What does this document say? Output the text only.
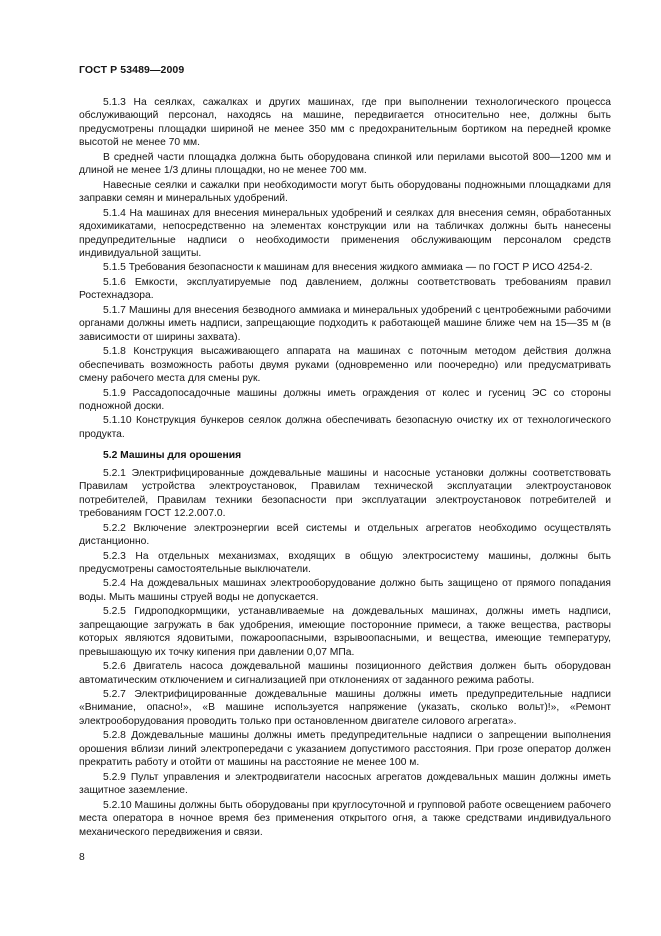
ГОСТ Р 53489—2009

5.1.3 На сеялках, сажалках и других машинах, где при выполнении технологического процесса обслуживающий персонал, находясь на машине, передвигается относительно нее, должны быть предусмотрены площадки шириной не менее 350 мм с предохранительным бортиком на передней кромке высотой не менее 70 мм.

В средней части площадка должна быть оборудована спинкой или перилами высотой 800—1200 мм и длиной не менее 1/3 длины площадки, но не менее 700 мм.

Навесные сеялки и сажалки при необходимости могут быть оборудованы подножными площадками для заправки семян и минеральных удобрений.

5.1.4 На машинах для внесения минеральных удобрений и сеялках для внесения семян, обработанных ядохимикатами, непосредственно на элементах конструкции или на табличках должны быть нанесены предупредительные надписи о необходимости применения обслуживающим персоналом средств индивидуальной защиты.

5.1.5 Требования безопасности к машинам для внесения жидкого аммиака — по ГОСТ Р ИСО 4254-2.

5.1.6 Емкости, эксплуатируемые под давлением, должны соответствовать требованиям правил Ростехнадзора.

5.1.7 Машины для внесения безводного аммиака и минеральных удобрений с центробежными рабочими органами должны иметь надписи, запрещающие подходить к работающей машине ближе чем на 15—35 м (в зависимости от ширины захвата).

5.1.8 Конструкция высаживающего аппарата на машинах с поточным методом действия должна обеспечивать возможность работы двумя руками (одновременно или поочередно) или предусматривать смену рабочего места для смены рук.

5.1.9 Рассадопосадочные машины должны иметь ограждения от колес и гусениц ЭС со стороны подножной доски.

5.1.10 Конструкция бункеров сеялок должна обеспечивать безопасную очистку их от технологического продукта.

5.2 Машины для орошения

5.2.1 Электрифицированные дождевальные машины и насосные установки должны соответствовать Правилам устройства электроустановок, Правилам технической эксплуатации электроустановок потребителей, Правилам техники безопасности при эксплуатации электроустановок потребителей и требованиям ГОСТ 12.2.007.0.

5.2.2 Включение электроэнергии всей системы и отдельных агрегатов необходимо осуществлять дистанционно.

5.2.3 На отдельных механизмах, входящих в общую электросистему машины, должны быть предусмотрены самостоятельные выключатели.

5.2.4 На дождевальных машинах электрооборудование должно быть защищено от прямого попадания воды. Мыть машины струей воды не допускается.

5.2.5 Гидроподкормщики, устанавливаемые на дождевальных машинах, должны иметь надписи, запрещающие загружать в бак удобрения, имеющие посторонние примеси, а также вещества, растворы которых являются ядовитыми, пожароопасными, взрывоопасными, и вещества, имеющие температуру, превышающую их точку кипения при давлении 0,07 МПа.

5.2.6 Двигатель насоса дождевальной машины позиционного действия должен быть оборудован автоматическим отключением и сигнализацией при отклонениях от заданного режима работы.

5.2.7 Электрифицированные дождевальные машины должны иметь предупредительные надписи «Внимание, опасно!», «В машине используется напряжение (указать, сколько вольт)!», «Ремонт электрооборудования проводить только при остановленном двигателе силового агрегата».

5.2.8 Дождевальные машины должны иметь предупредительные надписи о запрещении выполнения орошения вблизи линий электропередачи с указанием допустимого расстояния. При грозе оператор должен прекратить работу и отойти от машины на расстояние не менее 100 м.

5.2.9 Пульт управления и электродвигатели насосных агрегатов дождевальных машин должны иметь защитное заземление.

5.2.10 Машины должны быть оборудованы при круглосуточной и групповой работе освещением рабочего места оператора в ночное время без применения открытого огня, а также средствами индивидуального механического передвижения и связи.

8
